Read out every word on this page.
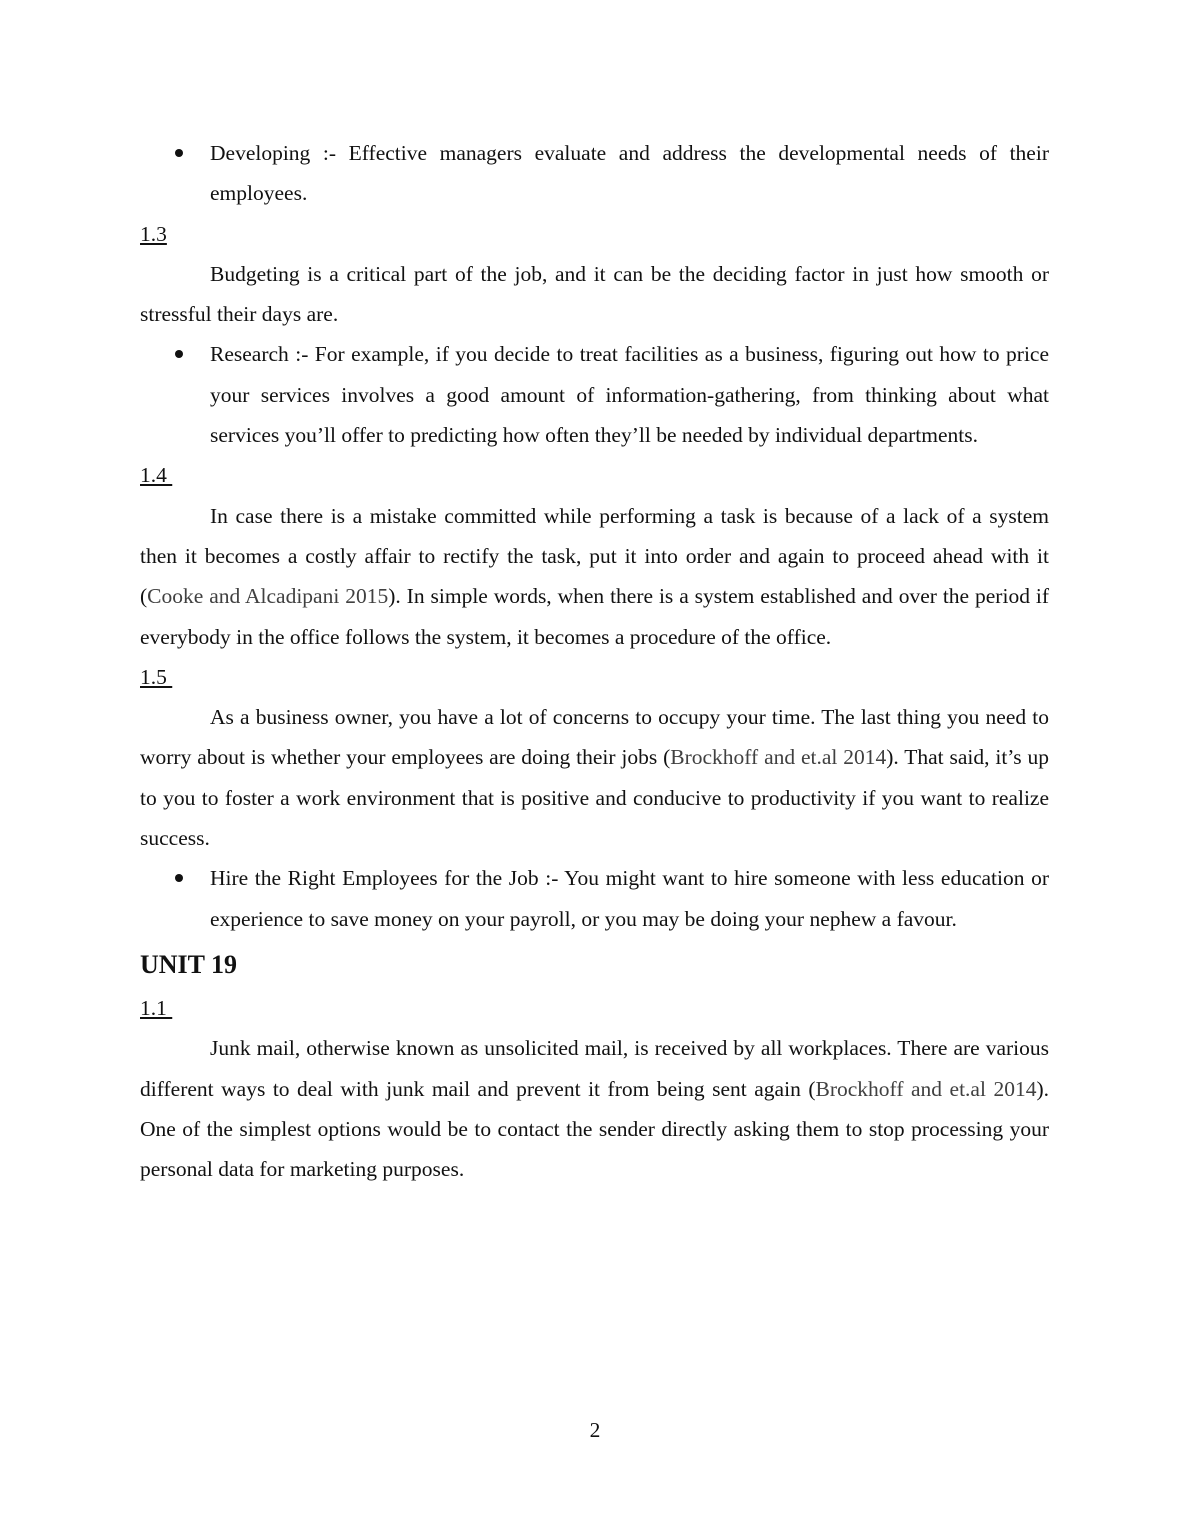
Developing :- Effective managers evaluate and address the developmental needs of their employees.
1.3
Budgeting is a critical part of the job, and it can be the deciding factor in just how smooth or stressful their days are.
Research :- For example, if you decide to treat facilities as a business, figuring out how to price your services involves a good amount of information-gathering, from thinking about what services you’ll offer to predicting how often they’ll be needed by individual departments.
1.4
In case there is a mistake committed while performing a task is because of a lack of a system then it becomes a costly affair to rectify the task, put it into order and again to proceed ahead with it (Cooke and Alcadipani 2015). In simple words, when there is a system established and over the period if everybody in the office follows the system, it becomes a procedure of the office.
1.5
As a business owner, you have a lot of concerns to occupy your time. The last thing you need to worry about is whether your employees are doing their jobs (Brockhoff and et.al 2014). That said, it’s up to you to foster a work environment that is positive and conducive to productivity if you want to realize success.
Hire the Right Employees for the Job :- You might want to hire someone with less education or experience to save money on your payroll, or you may be doing your nephew a favour.
UNIT 19
1.1
Junk mail, otherwise known as unsolicited mail, is received by all workplaces. There are various different ways to deal with junk mail and prevent it from being sent again (Brockhoff and et.al 2014). One of the simplest options would be to contact the sender directly asking them to stop processing your personal data for marketing purposes.
2
